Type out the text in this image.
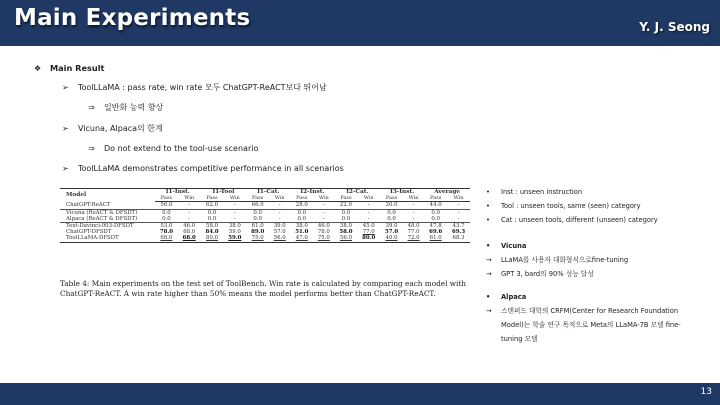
Main Experiments	Y. J. Seong
❖ Main Result
➢ ToolLLaMA : pass rate, win rate 모두 ChatGPT-ReACT보다 뛰어남
⇒ 일반화 능력 향상
➢ Vicuna, Alpaca의 한계
⇒ Do not extend to the tool-use scenario
➢ ToolLLaMA demonstrates competitive performance in all scenarios
Model	I1-Inst.		I1-Tool		I1-Cat.		I2-Inst.		I2-Cat.		I3-Inst.		Average	
	Pass	Win	Pass	Win	Pass	Win	Pass	Win	Pass	Win	Pass	Win	Pass	Win
ChatGPT-ReACT	56.0	-	62.0	-	66.0	-	28.0	-	22.0	-	30.0	-	44.0	-
Vicuna (ReACT & DFSDT)	0.0	-	0.0	-	0.0	-	0.0	-	0.0	-	0.0	-	0.0	-
Alpaca (ReACT & DFSDT)	0.0	-	0.0	-	0.0	-	0.0	-	0.0	-	0.0	-	0.0	-
Text-Davinci-003-DFSDT	53.0	46.0	58.0	38.0	61.0	39.0	38.0	46.0	38.0	45.0	39.0	48.0	47.8	43.7
ChatGPT-DFSDT	78.0	68.0	84.0	59.0	89.0	57.0	51.0	78.0	58.0	77.0	57.0	77.0	69.6	69.3
ToolLLaMA-DFSDT	68.0	68.0	80.0	59.0	75.0	56.0	47.0	75.0	56.0	80.0	40.0	72.0	61.0	68.3
Table 4: Main experiments on the test set of ToolBench. Win rate is calculated by comparing each model with ChatGPT-ReACT. A win rate higher than 50% means the model performs better than ChatGPT-ReACT.
• Inst : unseen instruction
• Tool : unseen tools, same (seen) category
• Cat : unseen tools, different (unseen) category
• Vicuna
→ LLaMA를 사용자 대화형식으로fine-tuning
→ GPT 3, bard의 90% 성능 달성
• Alpaca
→ 스탠퍼드 대학의 CRFM(Center for Research Foundation
Model)는 학술 연구 목적으로 Meta의 LLaMA-7B 모델 fine-
tuning 모델
13
